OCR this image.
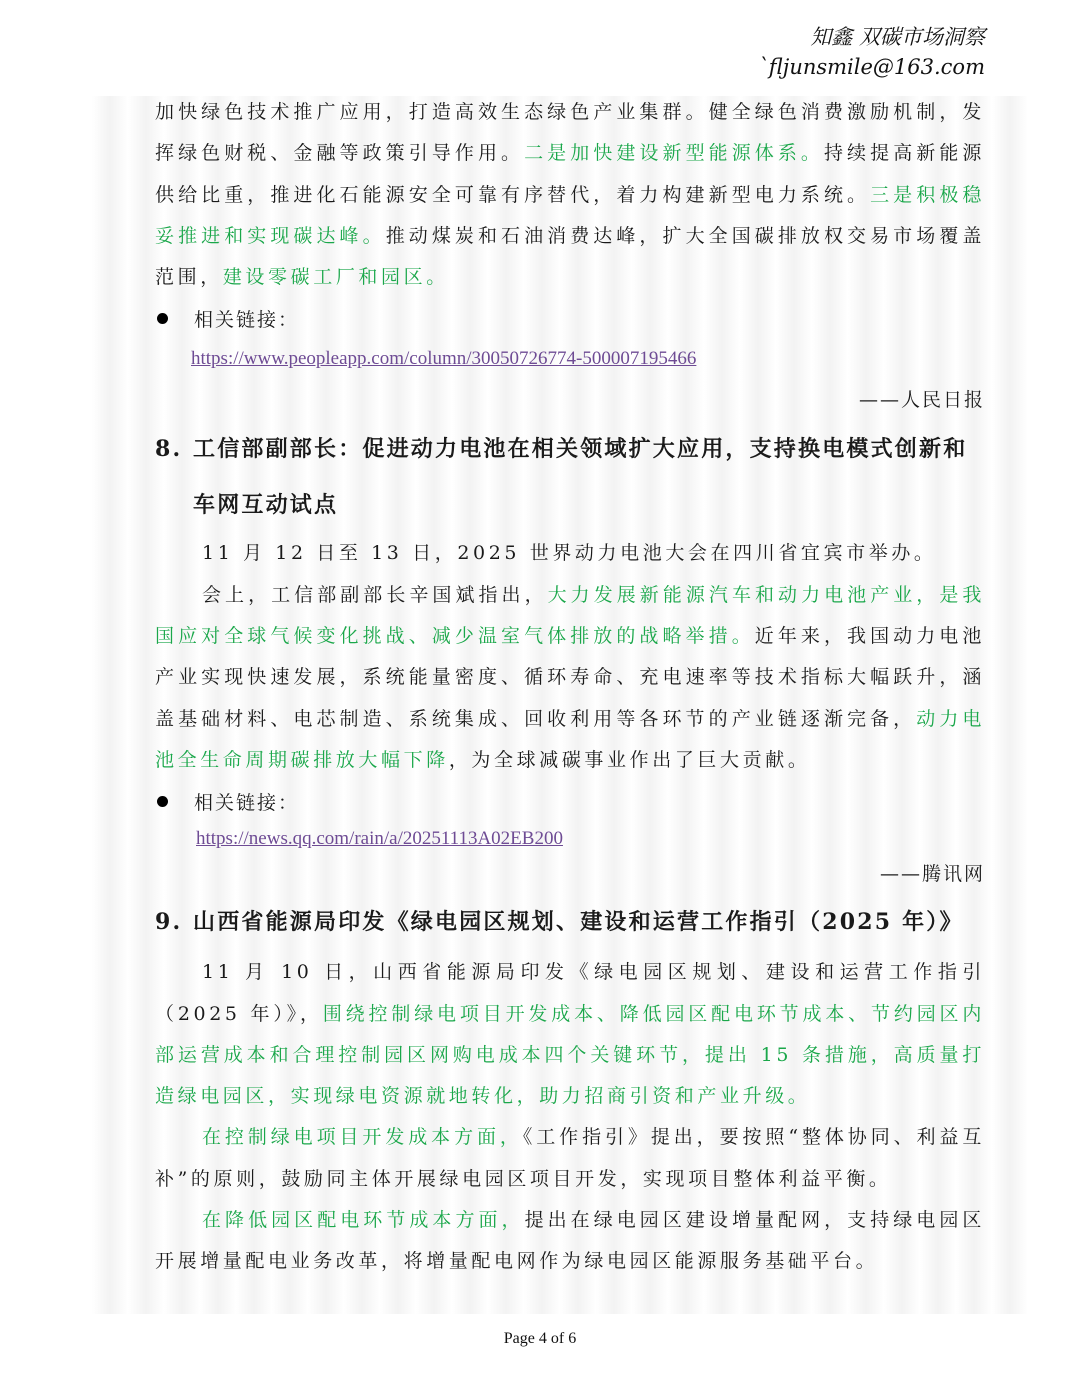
知鑫 双碳市场洞察
`fljunsmile@163.com

加快绿色技术推广应用，打造高效生态绿色产业集群。健全绿色消费激励机制，发挥绿色财税、金融等政策引导作用。二是加快建设新型能源体系。持续提高新能源供给比重，推进化石能源安全可靠有序替代，着力构建新型电力系统。三是积极稳妥推进和实现碳达峰。推动煤炭和石油消费达峰，扩大全国碳排放权交易市场覆盖范围，建设零碳工厂和园区。

相关链接：
https://www.peopleapp.com/column/30050726774-500007195466
——人民日报
8. 工信部副部长：促进动力电池在相关领域扩大应用，支持换电模式创新和车网互动试点

11 月 12 日至 13 日，2025 世界动力电池大会在四川省宜宾市举办。

会上，工信部副部长辛国斌指出，大力发展新能源汽车和动力电池产业，是我国应对全球气候变化挑战、减少温室气体排放的战略举措。近年来，我国动力电池产业实现快速发展，系统能量密度、循环寿命、充电速率等技术指标大幅跃升，涵盖基础材料、电芯制造、系统集成、回收利用等各环节的产业链逐渐完备，动力电池全生命周期碳排放大幅下降，为全球减碳事业作出了巨大贡献。

相关链接：
https://news.qq.com/rain/a/20251113A02EB200
——腾讯网
9. 山西省能源局印发《绿电园区规划、建设和运营工作指引（2025 年）》

11 月 10 日，山西省能源局印发《绿电园区规划、建设和运营工作指引（2025 年）》，围绕控制绿电项目开发成本、降低园区配电环节成本、节约园区内部运营成本和合理控制园区网购电成本四个关键环节，提出 15 条措施，高质量打造绿电园区，实现绿电资源就地转化，助力招商引资和产业升级。

在控制绿电项目开发成本方面，《工作指引》提出，要按照“整体协同、利益互补”的原则，鼓励同主体开展绿电园区项目开发，实现项目整体利益平衡。

在降低园区配电环节成本方面，提出在绿电园区建设增量配网，支持绿电园区开展增量配电业务改革，将增量配电网作为绿电园区能源服务基础平台。

Page 4 of 6
